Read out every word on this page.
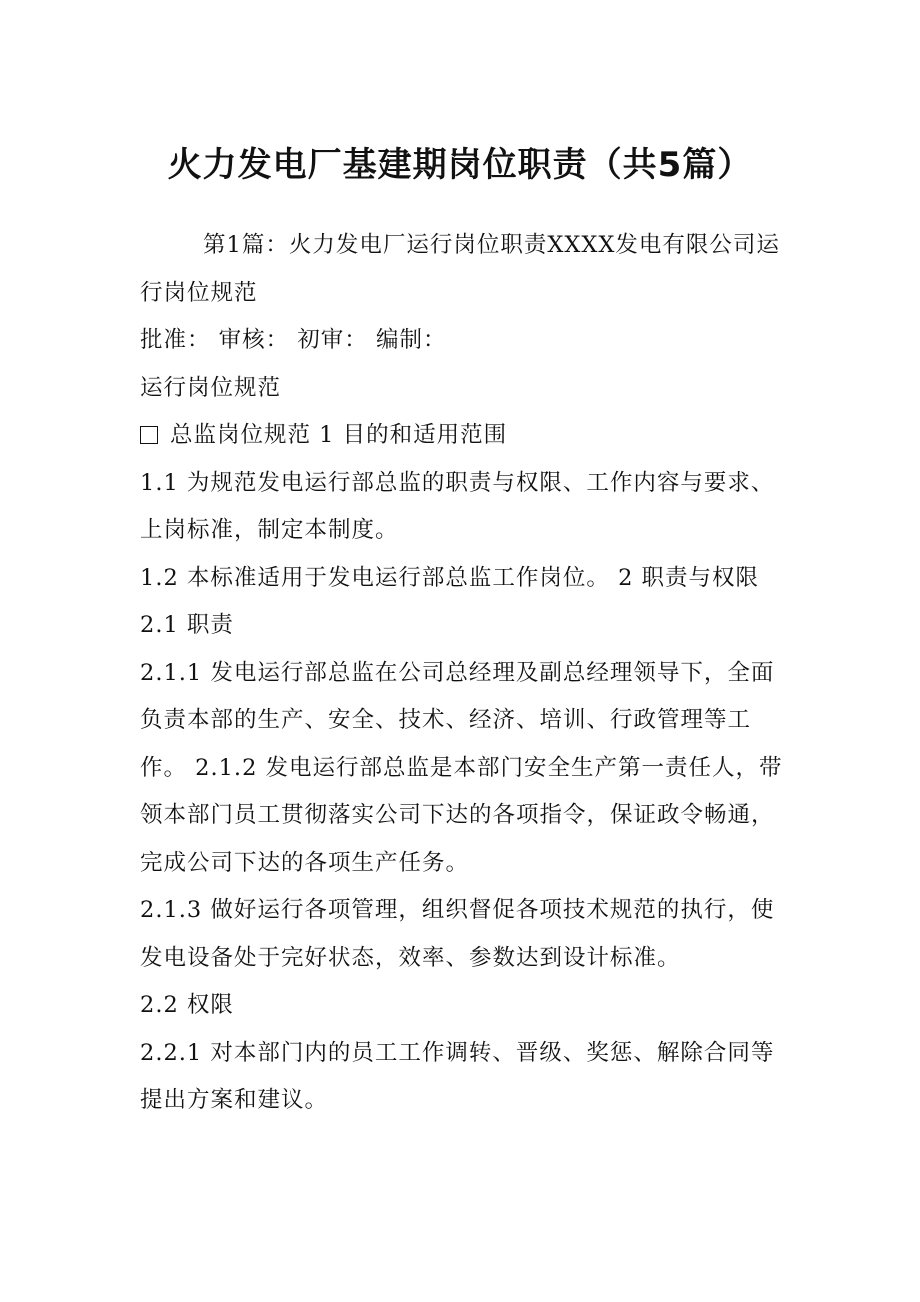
火力发电厂基建期岗位职责（共5篇）

第1篇：火力发电厂运行岗位职责XXXX发电有限公司运行岗位规范

批准： 审核： 初审： 编制：

运行岗位规范

总监岗位规范 1 目的和适用范围

1.1 为规范发电运行部总监的职责与权限、工作内容与要求、上岗标准，制定本制度。

1.2 本标准适用于发电运行部总监工作岗位。 2 职责与权限

2.1 职责

2.1.1 发电运行部总监在公司总经理及副总经理领导下，全面负责本部的生产、安全、技术、经济、培训、行政管理等工作。 2.1.2 发电运行部总监是本部门安全生产第一责任人，带领本部门员工贯彻落实公司下达的各项指令，保证政令畅通，完成公司下达的各项生产任务。

2.1.3 做好运行各项管理，组织督促各项技术规范的执行，使发电设备处于完好状态，效率、参数达到设计标准。

2.2 权限

2.2.1 对本部门内的员工工作调转、晋级、奖惩、解除合同等提出方案和建议。
